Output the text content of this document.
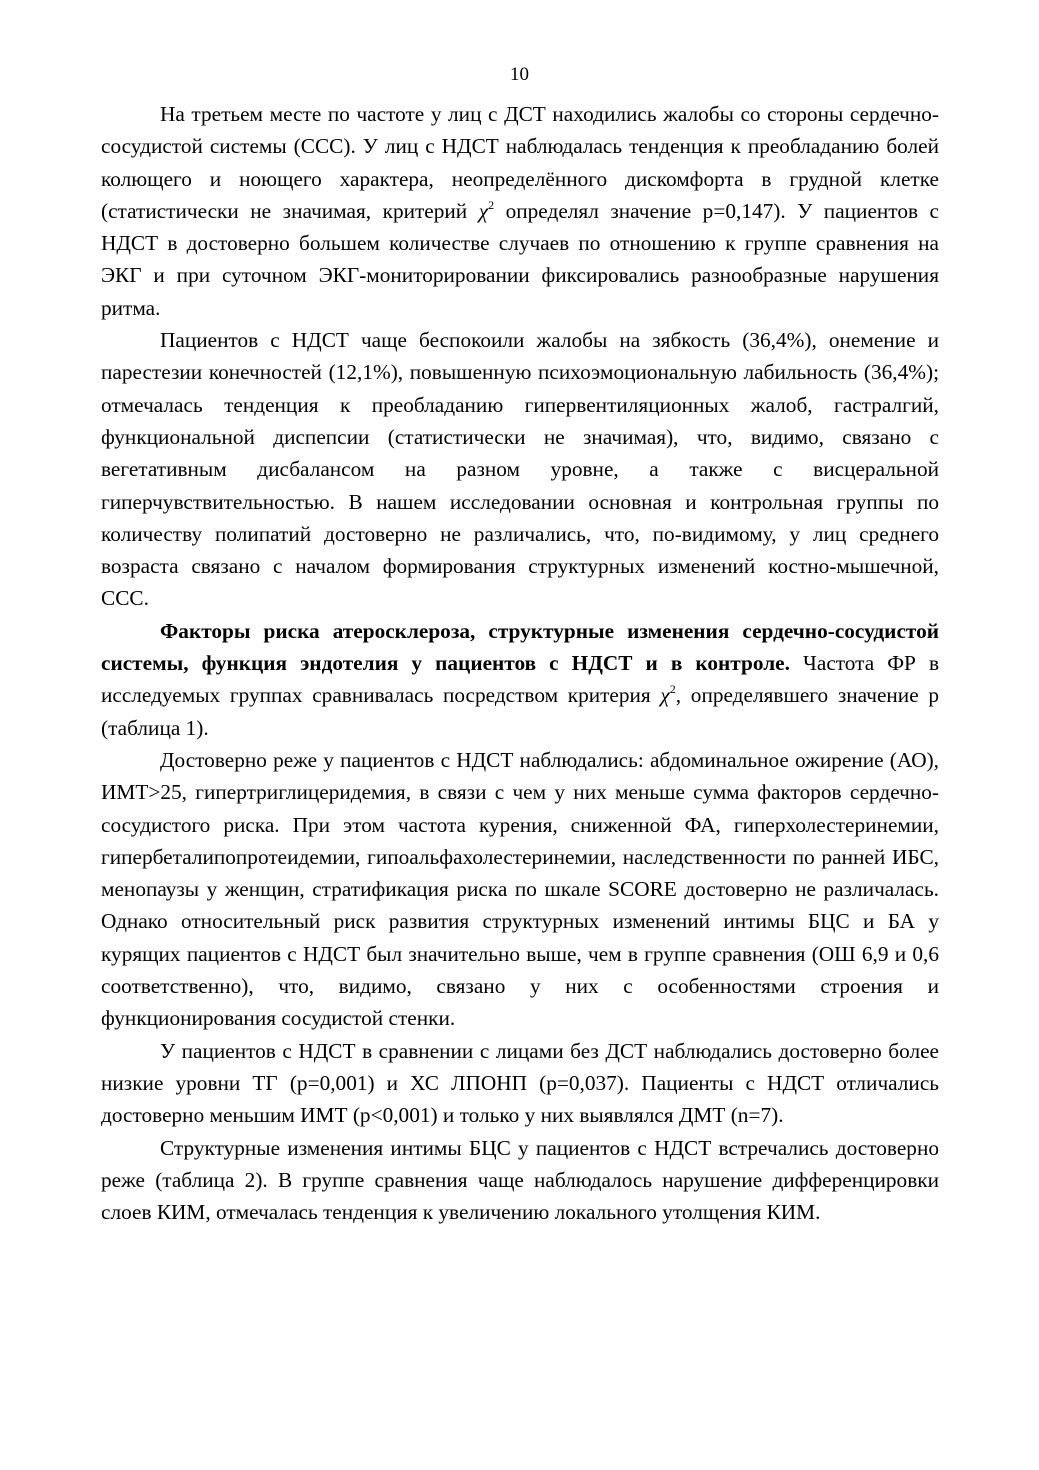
10

На третьем месте по частоте у лиц с ДСТ находились жалобы со стороны сердечно-сосудистой системы (ССС). У лиц с НДСТ наблюдалась тенденция к преобладанию болей колющего и ноющего характера, неопределённого дискомфорта в грудной клетке (статистически не значимая, критерий $\chi^2$ определял значение р=0,147). У пациентов с НДСТ в достоверно большем количестве случаев по отношению к группе сравнения на ЭКГ и при суточном ЭКГ-мониторировании фиксировались разнообразные нарушения ритма.

Пациентов с НДСТ чаще беспокоили жалобы на зябкость (36,4%), онемение и парестезии конечностей (12,1%), повышенную психоэмоциональную лабильность (36,4%); отмечалась тенденция к преобладанию гипервентиляционных жалоб, гастралгий, функциональной диспепсии (статистически не значимая), что, видимо, связано с вегетативным дисбалансом на разном уровне, а также с висцеральной гиперчувствительностью. В нашем исследовании основная и контрольная группы по количеству полипатий достоверно не различались, что, по-видимому, у лиц среднего возраста связано с началом формирования структурных изменений костно-мышечной, ССС.

Факторы риска атеросклероза, структурные изменения сердечно-сосудистой системы, функция эндотелия у пациентов с НДСТ и в контроле. Частота ФР в исследуемых группах сравнивалась посредством критерия $\chi^2$, определявшего значение р (таблица 1).

Достоверно реже у пациентов с НДСТ наблюдались: абдоминальное ожирение (АО), ИМТ>25, гипертриглицеридемия, в связи с чем у них меньше сумма факторов сердечно-сосудистого риска. При этом частота курения, сниженной ФА, гиперхолестеринемии, гипербеталипопротеидемии, гипоальфахолестеринемии, наследственности по ранней ИБС, менопаузы у женщин, стратификация риска по шкале SCORE достоверно не различалась. Однако относительный риск развития структурных изменений интимы БЦС и БА у курящих пациентов с НДСТ был значительно выше, чем в группе сравнения (ОШ 6,9 и 0,6 соответственно), что, видимо, связано у них с особенностями строения и функционирования сосудистой стенки.

У пациентов с НДСТ в сравнении с лицами без ДСТ наблюдались достоверно более низкие уровни ТГ (р=0,001) и ХС ЛПОНП (р=0,037). Пациенты с НДСТ отличались достоверно меньшим ИМТ (р<0,001) и только у них выявлялся ДМТ (n=7).

Структурные изменения интимы БЦС у пациентов с НДСТ встречались достоверно реже (таблица 2). В группе сравнения чаще наблюдалось нарушение дифференцировки слоев КИМ, отмечалась тенденция к увеличению локального утолщения КИМ.
